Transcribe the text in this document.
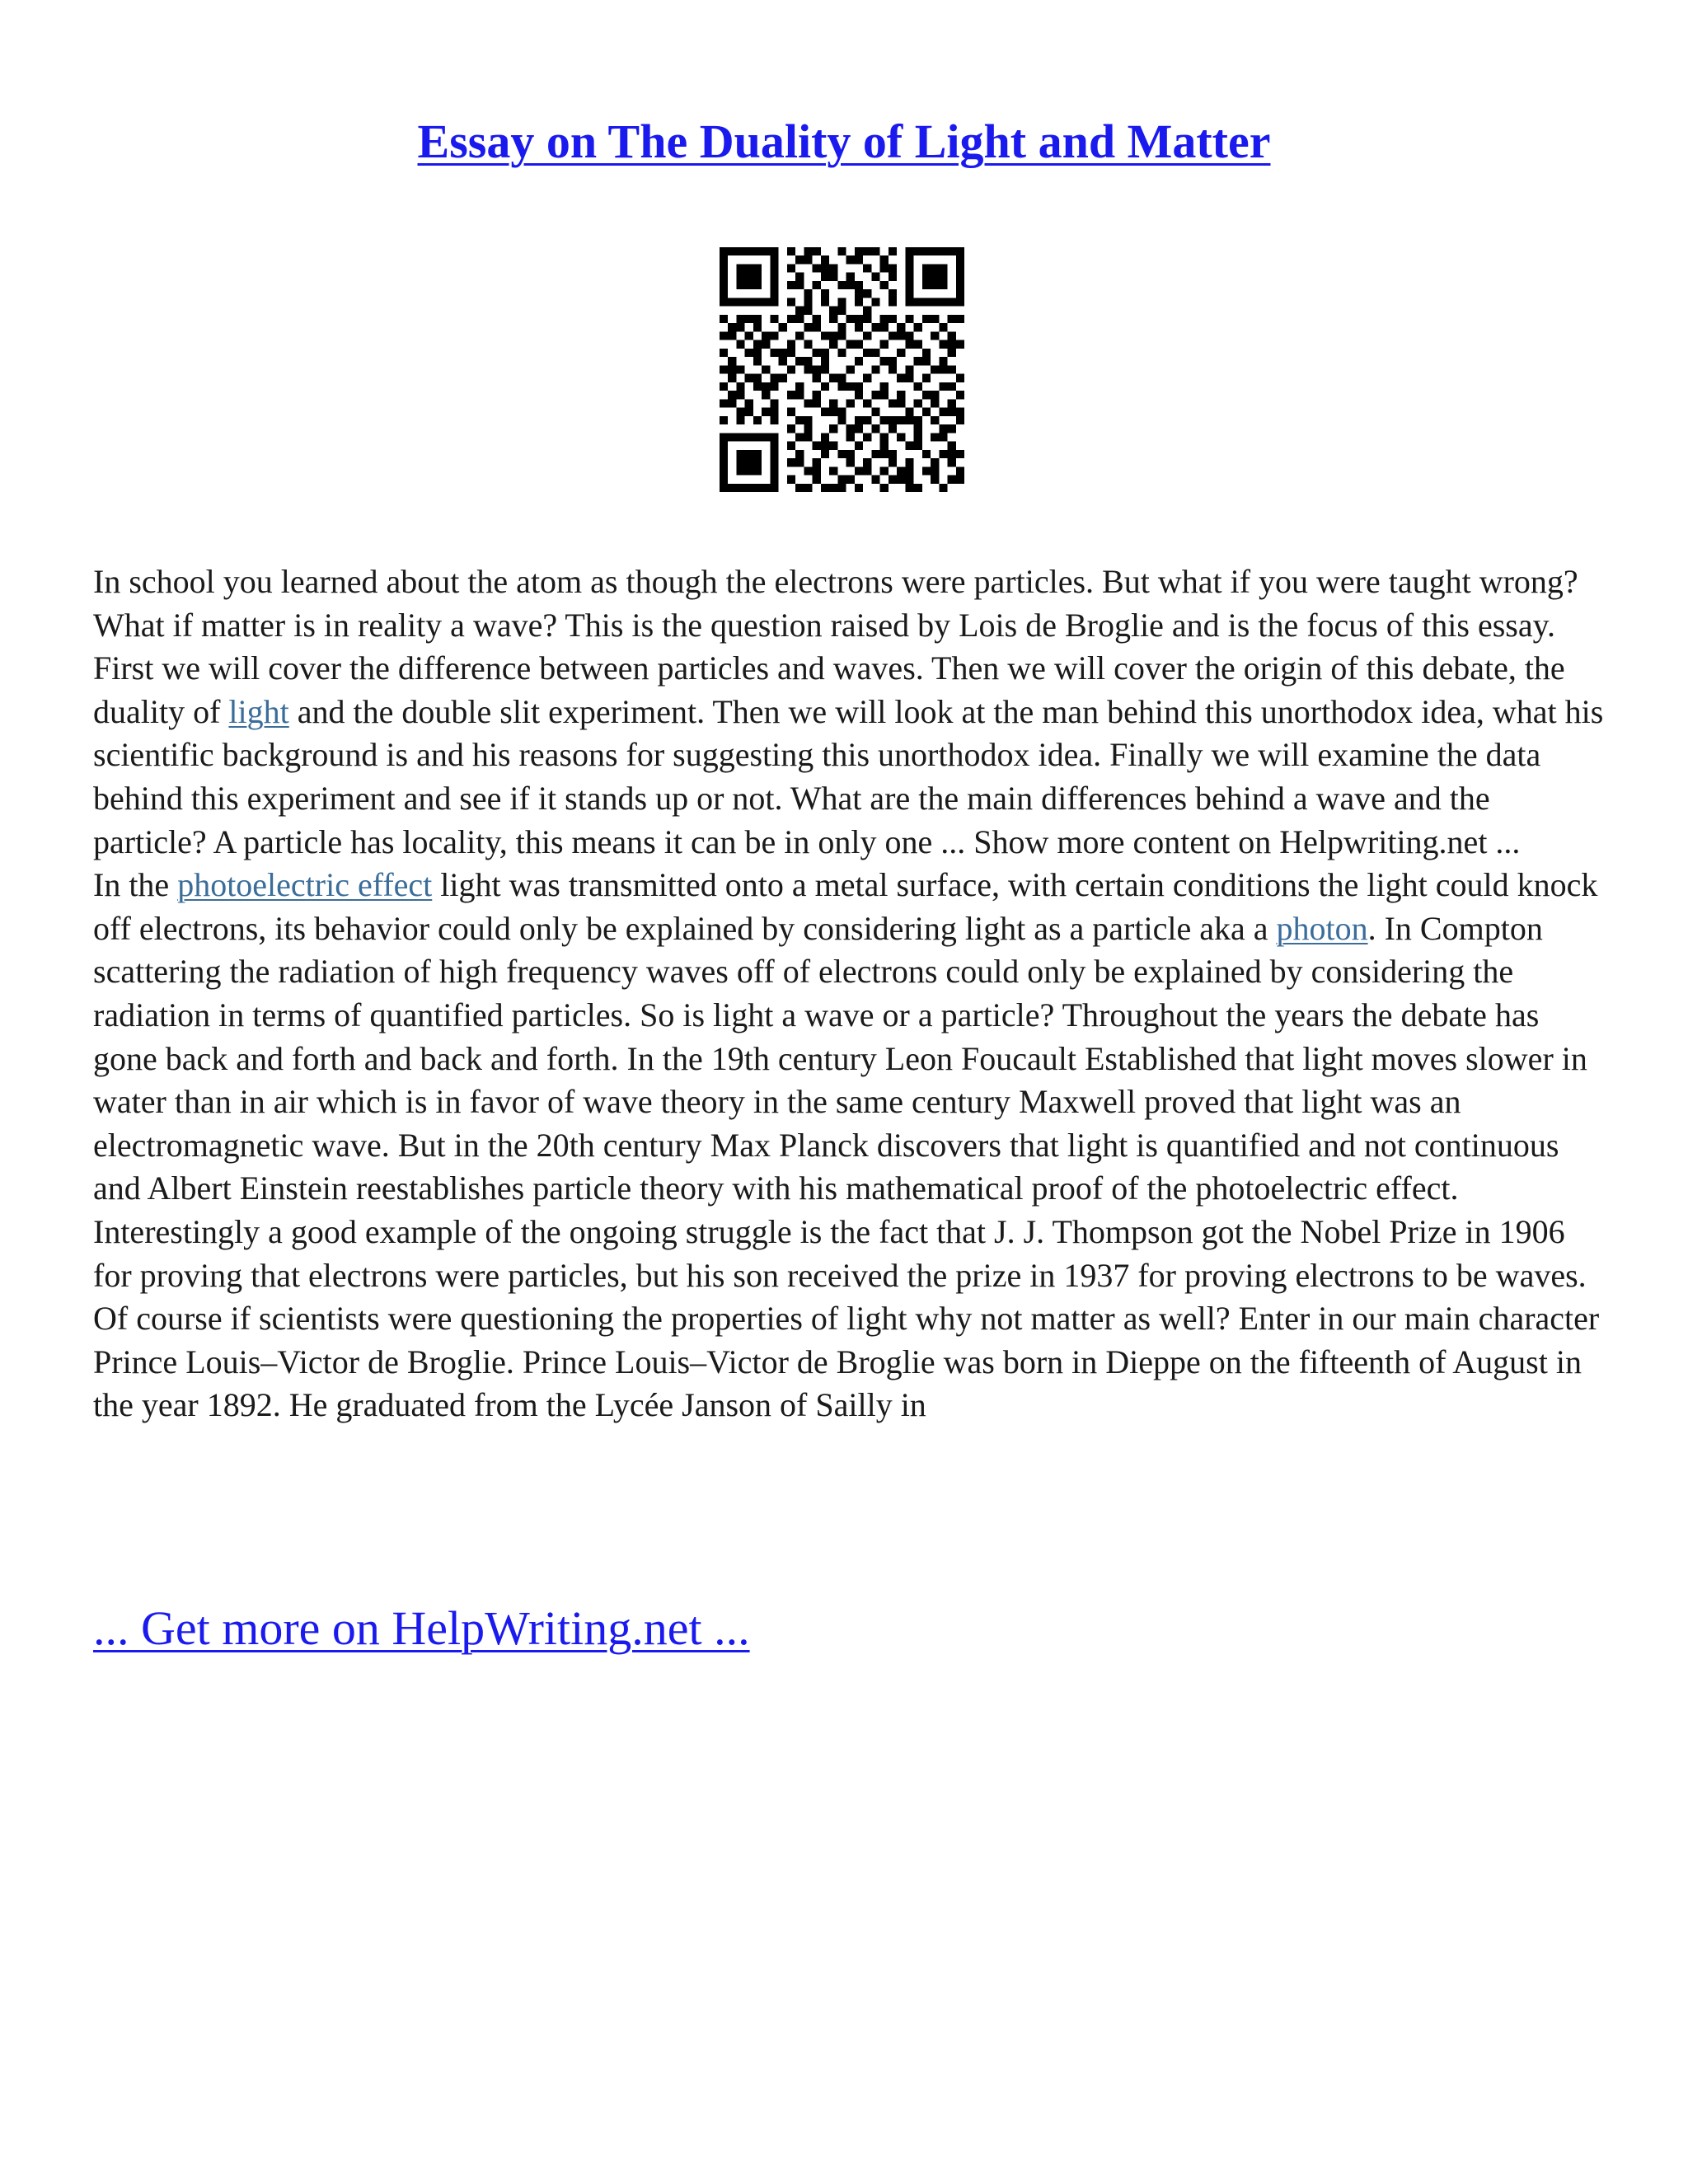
Essay on The Duality of Light and Matter

In school you learned about the atom as though the electrons were particles. But what if you were taught wrong? What if matter is in reality a wave? This is the question raised by Lois de Broglie and is the focus of this essay. First we will cover the difference between particles and waves. Then we will cover the origin of this debate, the duality of light and the double slit experiment. Then we will look at the man behind this unorthodox idea, what his scientific background is and his reasons for suggesting this unorthodox idea. Finally we will examine the data behind this experiment and see if it stands up or not. What are the main differences behind a wave and the particle? A particle has locality, this means it can be in only one ... Show more content on Helpwriting.net ...

In the photoelectric effect light was transmitted onto a metal surface, with certain conditions the light could knock off electrons, its behavior could only be explained by considering light as a particle aka a photon. In Compton scattering the radiation of high frequency waves off of electrons could only be explained by considering the radiation in terms of quantified particles. So is light a wave or a particle? Throughout the years the debate has gone back and forth and back and forth. In the 19th century Leon Foucault Established that light moves slower in water than in air which is in favor of wave theory in the same century Maxwell proved that light was an electromagnetic wave. But in the 20th century Max Planck discovers that light is quantified and not continuous and Albert Einstein reestablishes particle theory with his mathematical proof of the photoelectric effect. Interestingly a good example of the ongoing struggle is the fact that J. J. Thompson got the Nobel Prize in 1906 for proving that electrons were particles, but his son received the prize in 1937 for proving electrons to be waves. Of course if scientists were questioning the properties of light why not matter as well? Enter in our main character Prince Louis–Victor de Broglie. Prince Louis–Victor de Broglie was born in Dieppe on the fifteenth of August in the year 1892. He graduated from the Lycée Janson of Sailly in

... Get more on HelpWriting.net ...
